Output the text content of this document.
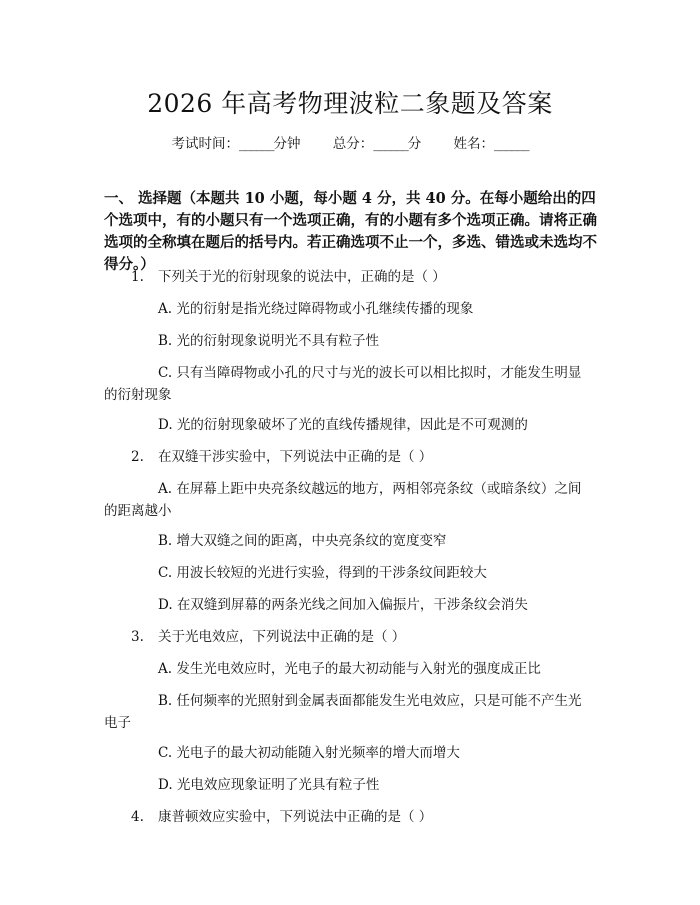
2026 年高考物理波粒二象题及答案
考试时间：______分钟 总分：______分 姓名：______
一、 选择题（本题共 10 小题，每小题 4 分，共 40 分。在每小题给出的四个选项中，有的小题只有一个选项正确，有的小题有多个选项正确。请将正确选项的全称填在题后的括号内。若正确选项不止一个，多选、错选或未选均不得分。）
1. 下列关于光的衍射现象的说法中，正确的是（ ）
A. 光的衍射是指光绕过障碍物或小孔继续传播的现象
B. 光的衍射现象说明光不具有粒子性
C. 只有当障碍物或小孔的尺寸与光的波长可以相比拟时，才能发生明显
的衍射现象
D. 光的衍射现象破坏了光的直线传播规律，因此是不可观测的
2. 在双缝干涉实验中，下列说法中正确的是（ ）
A. 在屏幕上距中央亮条纹越远的地方，两相邻亮条纹（或暗条纹）之间
的距离越小
B. 增大双缝之间的距离，中央亮条纹的宽度变窄
C. 用波长较短的光进行实验，得到的干涉条纹间距较大
D. 在双缝到屏幕的两条光线之间加入偏振片，干涉条纹会消失
3. 关于光电效应，下列说法中正确的是（ ）
A. 发生光电效应时，光电子的最大初动能与入射光的强度成正比
B. 任何频率的光照射到金属表面都能发生光电效应，只是可能不产生光
电子
C. 光电子的最大初动能随入射光频率的增大而增大
D. 光电效应现象证明了光具有粒子性
4. 康普顿效应实验中，下列说法中正确的是（ ）
